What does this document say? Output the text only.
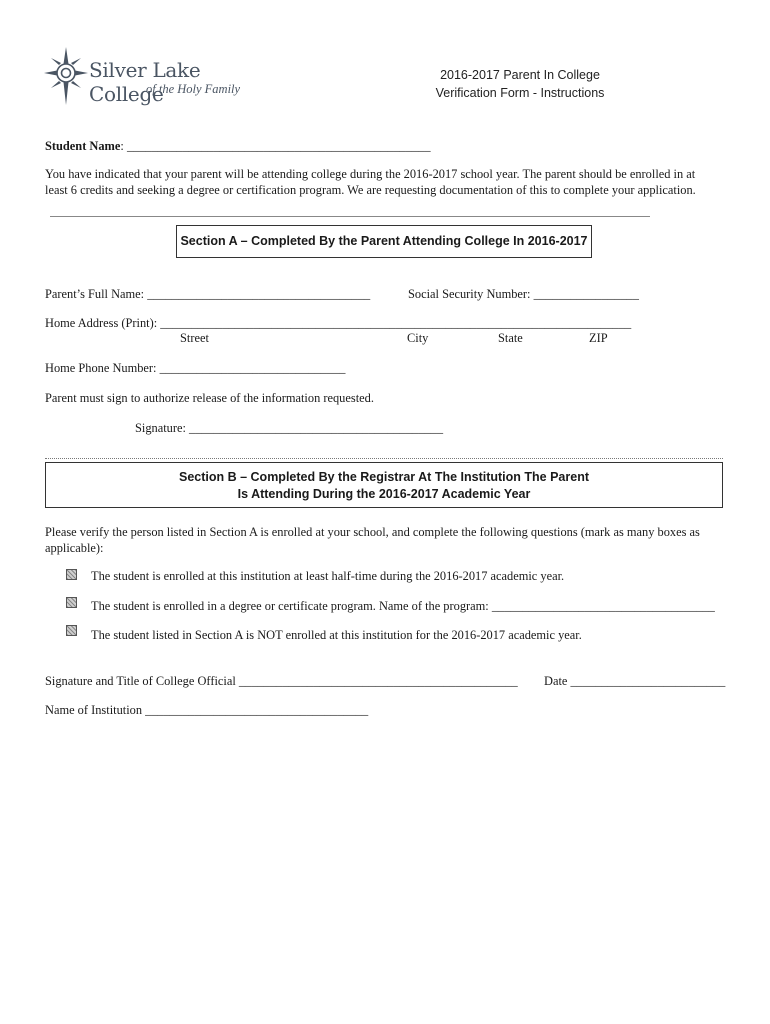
Silver Lake College
of the Holy Family
2016-2017 Parent In College
Verification Form - Instructions
Student Name: _________________________________________________
You have indicated that your parent will be attending college during the 2016-2017 school year. The parent should be enrolled in at least 6 credits and seeking a degree or certification program. We are requesting documentation of this to complete your application.
Section A – Completed By the Parent Attending College In 2016-2017
Parent’s Full Name: ____________________________________	Social Security Number: _________________
Home Address (Print): ____________________________________________________________________________
Street	City	State	ZIP
Home Phone Number: ______________________________
Parent must sign to authorize release of the information requested.
Signature: _________________________________________
Section B – Completed By the Registrar At The Institution The Parent
Is Attending During the 2016-2017 Academic Year
Please verify the person listed in Section A is enrolled at your school, and complete the following questions (mark as many boxes as applicable):
The student is enrolled at this institution at least half-time during the 2016-2017 academic year.
The student is enrolled in a degree or certificate program. Name of the program: ____________________________________
The student listed in Section A is NOT enrolled at this institution for the 2016-2017 academic year.
Signature and Title of College Official _____________________________________________ Date _________________________
Name of Institution ____________________________________
